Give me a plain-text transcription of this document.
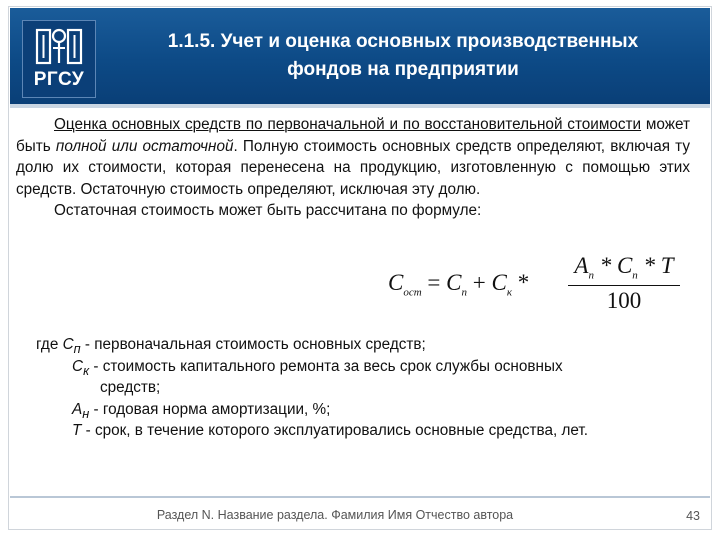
РГСУ
1.1.5. Учет и оценка основных производственных
фондов на предприятии

Оценка основных средств по первоначальной и по восстановительной стоимости может быть полной или остаточной. Полную стоимость основных средств определяют, включая ту долю их стоимости, которая перенесена на продукцию, изготовленную с помощью этих средств. Остаточную стоимость определяют, исключая эту долю.

Остаточная стоимость может быть рассчитана по формуле:

$C_{ост} = C_п + C_к$ *
$A_п * C_п$ * T
100
где $С_п$ - первоначальная стоимость основных средств;
$С_к$ - стоимость капитального ремонта за весь срок службы основных
средств;
$А_н$ - годовая норма амортизации, %;
Т - срок, в течение которого эксплуатировались основные средства, лет.
Раздел N. Название раздела. Фамилия Имя Отчество автора	43
